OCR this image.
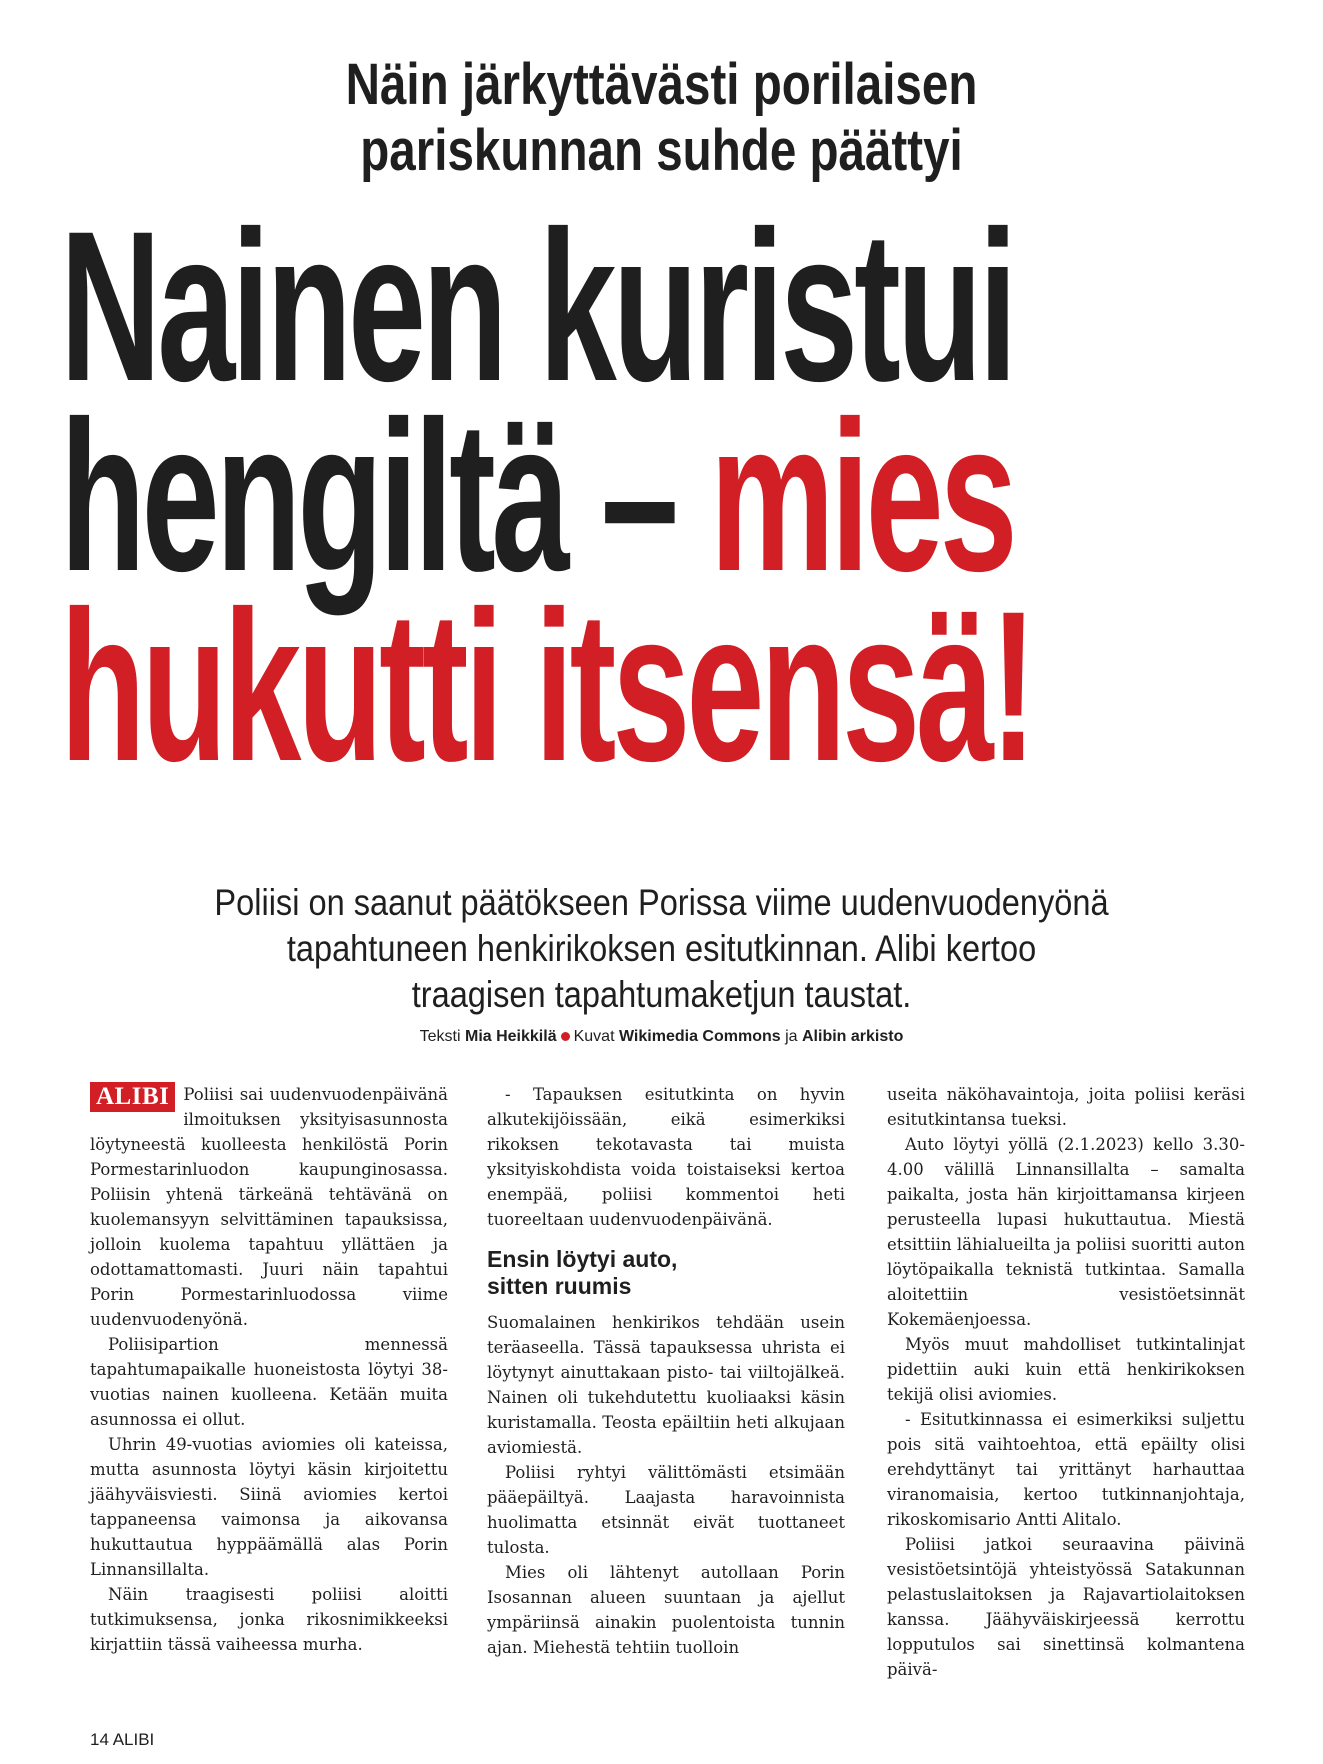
Näin järkyttävästi porilaisen
pariskunnan suhde päättyi
Nainen kuristui
hengiltä – mies
hukutti itsensä!
Poliisi on saanut päätökseen Porissa viime uudenvuodenyönä
tapahtuneen henkirikoksen esitutkinnan. Alibi kertoo
traagisen tapahtumaketjun taustat.
Teksti Mia Heikkilä Kuvat Wikimedia Commons ja Alibin arkisto

ALIBI Poliisi sai uudenvuodenpäivänä ilmoituksen yksityisasunnosta löytyneestä kuolleesta henkilöstä Porin Pormestarinluodon kaupunginosassa. Poliisin yhtenä tärkeänä tehtävänä on kuolemansyyn selvittäminen tapauksissa, jolloin kuolema tapahtuu yllättäen ja odottamattomasti. Juuri näin tapahtui Porin Pormestarinluodossa viime uudenvuodenyönä.

Poliisipartion mennessä tapahtumapaikalle huoneistosta löytyi 38-vuotias nainen kuolleena. Ketään muita asunnossa ei ollut.

Uhrin 49-vuotias aviomies oli kateissa, mutta asunnosta löytyi käsin kirjoitettu jäähyväisviesti. Siinä aviomies kertoi tappaneensa vaimonsa ja aikovansa hukuttautua hyppäämällä alas Porin Linnansillalta.

Näin traagisesti poliisi aloitti tutkimuksensa, jonka rikosnimikkeeksi kirjattiin tässä vaiheessa murha.

- Tapauksen esitutkinta on hyvin alkutekijöissään, eikä esimerkiksi rikoksen tekotavasta tai muista yksityiskohdista voida toistaiseksi kertoa enempää, poliisi kommentoi heti tuoreeltaan uudenvuodenpäivänä.

Ensin löytyi auto,
sitten ruumis

Suomalainen henkirikos tehdään usein teräaseella. Tässä tapauksessa uhrista ei löytynyt ainuttakaan pisto- tai viiltojälkeä. Nainen oli tukehdutettu kuoliaaksi käsin kuristamalla. Teosta epäiltiin heti alkujaan aviomiestä.

Poliisi ryhtyi välittömästi etsimään pääepäiltyä. Laajasta haravoinnista huolimatta etsinnät eivät tuottaneet tulosta.

Mies oli lähtenyt autollaan Porin Isosannan alueen suuntaan ja ajellut ympäriinsä ainakin puolentoista tunnin ajan. Miehestä tehtiin tuolloin

useita näköhavaintoja, joita poliisi keräsi esitutkintansa tueksi.

Auto löytyi yöllä (2.1.2023) kello 3.30-4.00 välillä Linnansillalta – samalta paikalta, josta hän kirjoittamansa kirjeen perusteella lupasi hukuttautua. Miestä etsittiin lähialueilta ja poliisi suoritti auton löytöpaikalla teknistä tutkintaa. Samalla aloitettiin vesistöetsinnät Kokemäenjoessa.

Myös muut mahdolliset tutkintalinjat pidettiin auki kuin että henkirikoksen tekijä olisi aviomies.

- Esitutkinnassa ei esimerkiksi suljettu pois sitä vaihtoehtoa, että epäilty olisi erehdyttänyt tai yrittänyt harhauttaa viranomaisia, kertoo tutkinnanjohtaja, rikoskomisario Antti Alitalo.

Poliisi jatkoi seuraavina päivinä vesistöetsintöjä yhteistyössä Satakunnan pelastuslaitoksen ja Rajavartiolaitoksen kanssa. Jäähyväiskirjeessä kerrottu lopputulos sai sinettinsä kolmantena päivä-

14 ALIBI
